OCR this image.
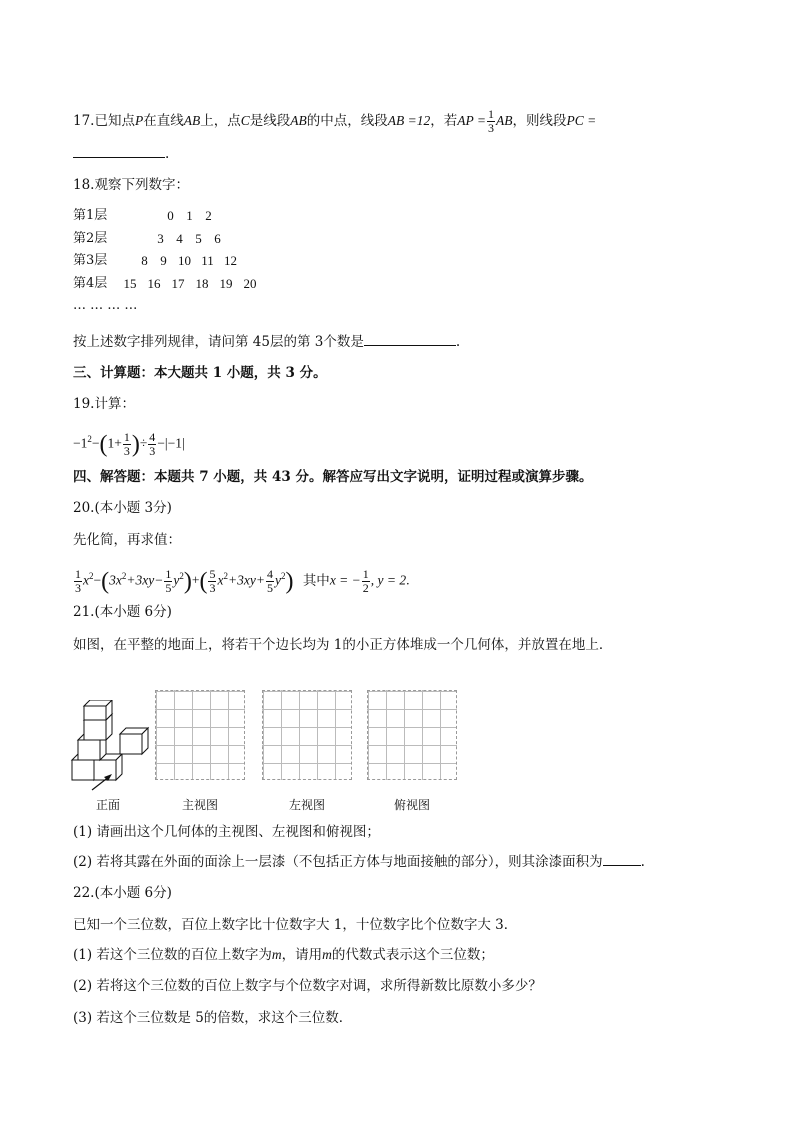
17.已知点P在直线AB上，点C是线段AB的中点，线段AB =12，若AP = $\frac{1}{3}$ AB，则线段PC =
.
18.观察下列数字：
第1层	0 1 2
第2层	3 4 5 6
第3层	8 9 10 11 12
第4层	15 16 17 18 19 20
… … … …
按上述数字排列规律，请问第 45层的第 3个数是	.
三、计算题：本大题共 1 小题，共 3 分。
19.计算：
$-1^2-(1+ \frac{1}{3}$ )÷ $\frac{4}{3} -|-1|$
四、解答题：本题共 7 小题，共 43 分。解答应写出文字说明，证明过程或演算步骤。
20.(本小题 3分)
先化简，再求值：
$\frac{1}{3} x^2-(3x^2+3xy- \frac{1}{5} y^2)+( \frac{5}{3} x^2+3xy+ \frac{4}{5} y^2)$ 其中x = − $\frac{1}{2}$ , y = 2.
21.(本小题 6分)
如图，在平整的地面上，将若干个边长均为 1的小正方体堆成一个几何体，并放置在地上．
正面	主视图	左视图	俯视图
(1) 请画出这个几何体的主视图、左视图和俯视图；
(2) 若将其露在外面的面涂上一层漆（不包括正方体与地面接触的部分），则其涂漆面积为	.
22.(本小题 6分)
已知一个三位数，百位上数字比十位数字大 1，十位数字比个位数字大 3．
(1) 若这个三位数的百位上数字为m，请用m的代数式表示这个三位数；
(2) 若将这个三位数的百位上数字与个位数字对调，求所得新数比原数小多少？
(3) 若这个三位数是 5的倍数，求这个三位数．
